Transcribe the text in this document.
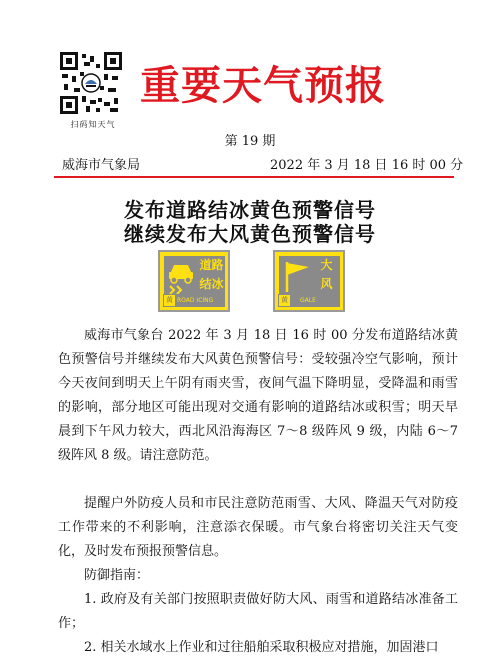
扫码知天气
重要天气预报
第 19 期
威海市气象局	2022 年 3 月 18 日 16 时 00 分
发布道路结冰黄色预警信号
继续发布大风黄色预警信号
道路
结冰
黄 ROAD ICING
大
风
黄 GALE
威海市气象台 2022 年 3 月 18 日 16 时 00 分发布道路结冰黄色预警信号并继续发布大风黄色预警信号：受较强冷空气影响，预计今天夜间到明天上午阴有雨夹雪，夜间气温下降明显，受降温和雨雪的影响，部分地区可能出现对交通有影响的道路结冰或积雪；明天早晨到下午风力较大，西北风沿海海区 7～8 级阵风 9 级，内陆 6～7 级阵风 8 级。请注意防范。
提醒户外防疫人员和市民注意防范雨雪、大风、降温天气对防疫工作带来的不利影响，注意添衣保暖。市气象台将密切关注天气变化，及时发布预报预警信息。
防御指南：
1. 政府及有关部门按照职责做好防大风、雨雪和道路结冰准备工作；
2. 相关水域水上作业和过往船舶采取积极应对措施，加固港口
